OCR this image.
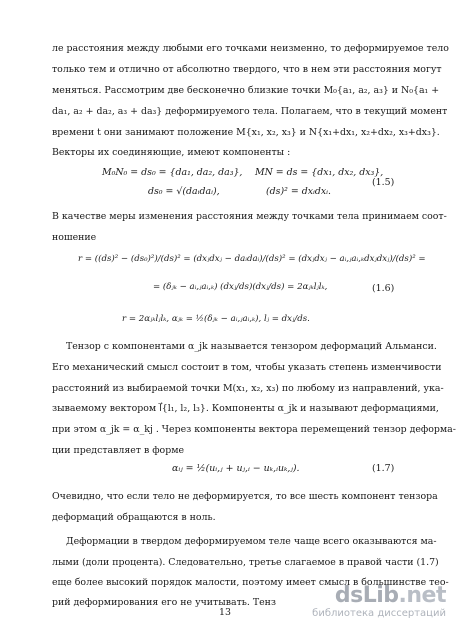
ле расстояния между любыми его точками неизменно, то деформируемое тело
только тем и отлично от абсолютно твердого, что в нем эти расстояния могут
меняться. Рассмотрим две бесконечно близкие точки M₀{a₁, a₂, a₃} и N₀{a₁ +
da₁, a₂ + da₂, a₃ + da₃} деформируемого тела. Полагаем, что в текущий момент
времени t они занимают положение M{x₁, x₂, x₃} и N{x₁+dx₁, x₂+dx₂, x₃+dx₃}.
Векторы их соединяющие, имеют компоненты :
M₀N₀ = ds₀ = {da₁, da₂, da₃}, MN = ds = {dx₁, dx₂, dx₃},
ds₀ = √(daᵢdaᵢ),	(ds)² = dxᵢdxᵢ.
(1.5)
В качестве меры изменения расстояния между точками тела принимаем соот-
ношение
r = ((ds)² − (ds₀)²)/(ds)² = (dxⱼdxⱼ − daᵢdaᵢ)/(ds)² = (dxⱼdxⱼ − aᵢ,ⱼaᵢ,ₖdxⱼdxⱼ)/(ds)² =
= (δⱼₖ − aᵢ,ⱼaᵢ,ₖ) (dxⱼ/ds)(dxⱼ/ds) = 2αⱼₖlⱼlₖ,	(1.6)
r = 2αⱼₖlⱼlₖ, αⱼₖ = ½(δⱼₖ − aᵢ,ⱼaᵢ,ₖ), lⱼ = dxⱼ/ds.
Тензор с компонентами α_jk называется тензором деформаций Альманси.
Его механический смысл состоит в том, чтобы указать степень изменчивости
расстояний из выбираемой точки M(x₁, x₂, x₃) по любому из направлений, ука-
зываемому вектором l⃗{l₁, l₂, l₃}. Компоненты α_jk и называют деформациями,
при этом α_jk = α_kj . Через компоненты вектора перемещений тензор деформа-
ции представляет в форме
αᵢⱼ = ½(uᵢ,ⱼ + uⱼ,ᵢ − uₖ,ᵢuₖ,ⱼ).	(1.7)
Очевидно, что если тело не деформируется, то все шесть компонент тензора
деформаций обращаются в ноль.
Деформации в твердом деформируемом теле чаще всего оказываются ма-
лыми (доли процента). Следовательно, третье слагаемое в правой части (1.7)
еще более высокий порядок малости, поэтому имеет смысл в большинстве тео-
рий деформирования его не учитывать. Тенз
13
dsLib.net
библиотека диссертаций
